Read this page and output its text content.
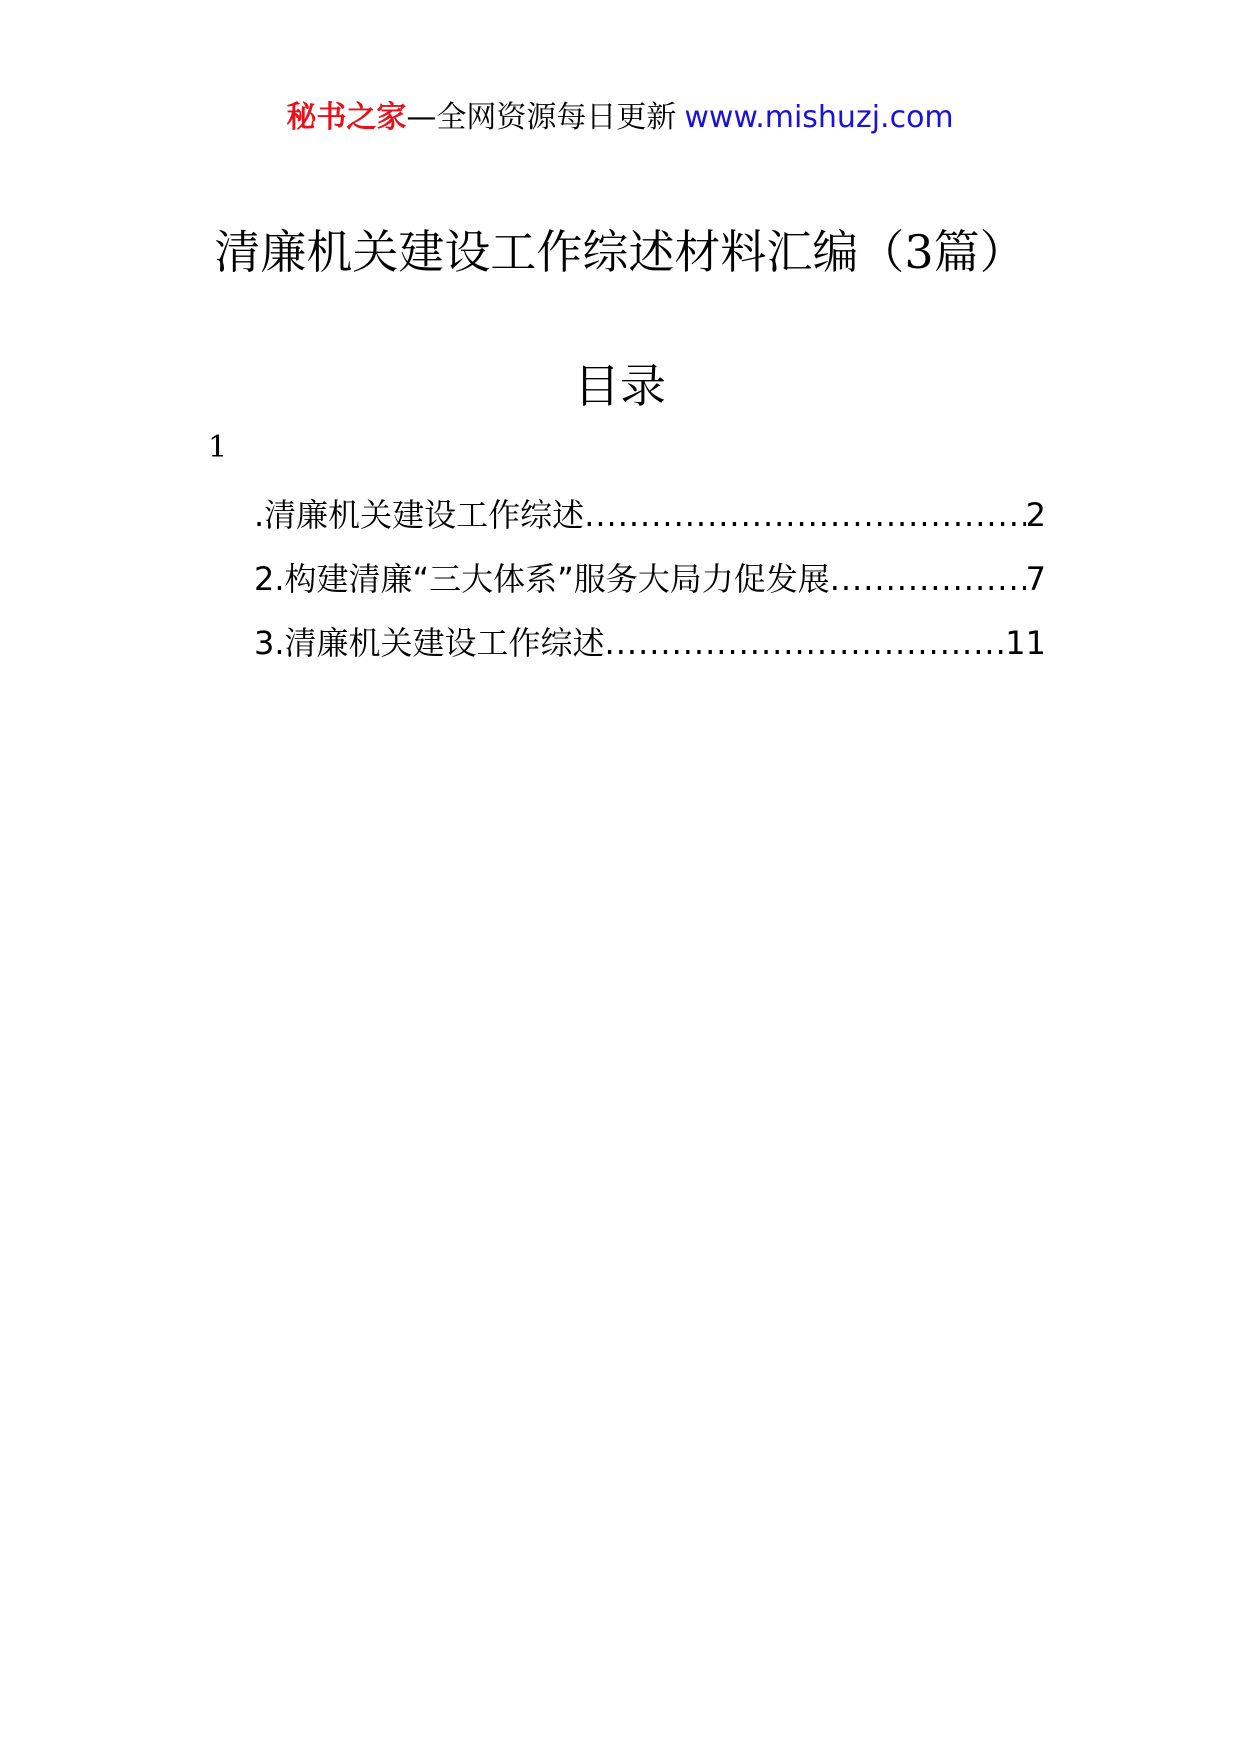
秘书之家—全网资源每日更新 www.mishuzj.com
清廉机关建设工作综述材料汇编（3篇）
目录
1
.清廉机关建设工作综述 .....	2
2.构建清廉“三大体系”服务大局力促发展 .....	7
3.清廉机关建设工作综述 .....	11
